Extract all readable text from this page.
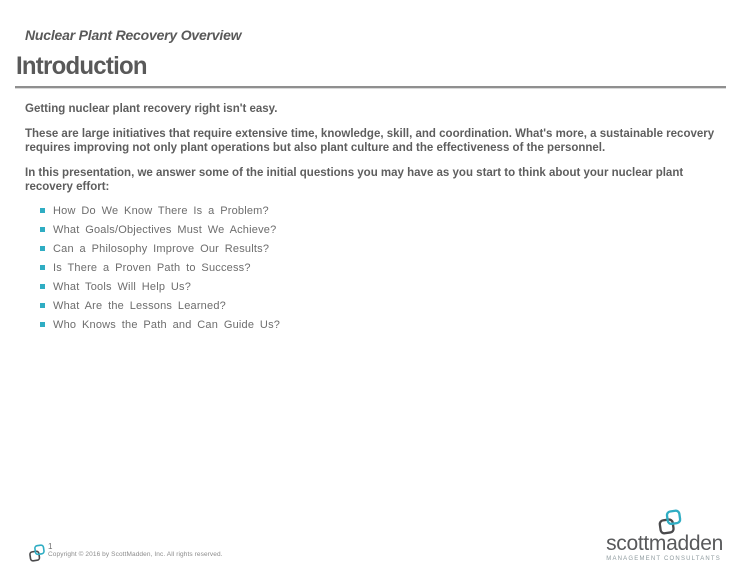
Nuclear Plant Recovery Overview
Introduction

Getting nuclear plant recovery right isn't easy.

These are large initiatives that require extensive time, knowledge, skill, and coordination. What's more, a sustainable recovery requires improving not only plant operations but also plant culture and the effectiveness of the personnel.

In this presentation, we answer some of the initial questions you may have as you start to think about your nuclear plant recovery effort:

How Do We Know There Is a Problem?
What Goals/Objectives Must We Achieve?
Can a Philosophy Improve Our Results?
Is There a Proven Path to Success?
What Tools Will Help Us?
What Are the Lessons Learned?
Who Knows the Path and Can Guide Us?
1
Copyright © 2016 by ScottMadden, Inc. All rights reserved.	scottmadden
MANAGEMENT CONSULTANTS
